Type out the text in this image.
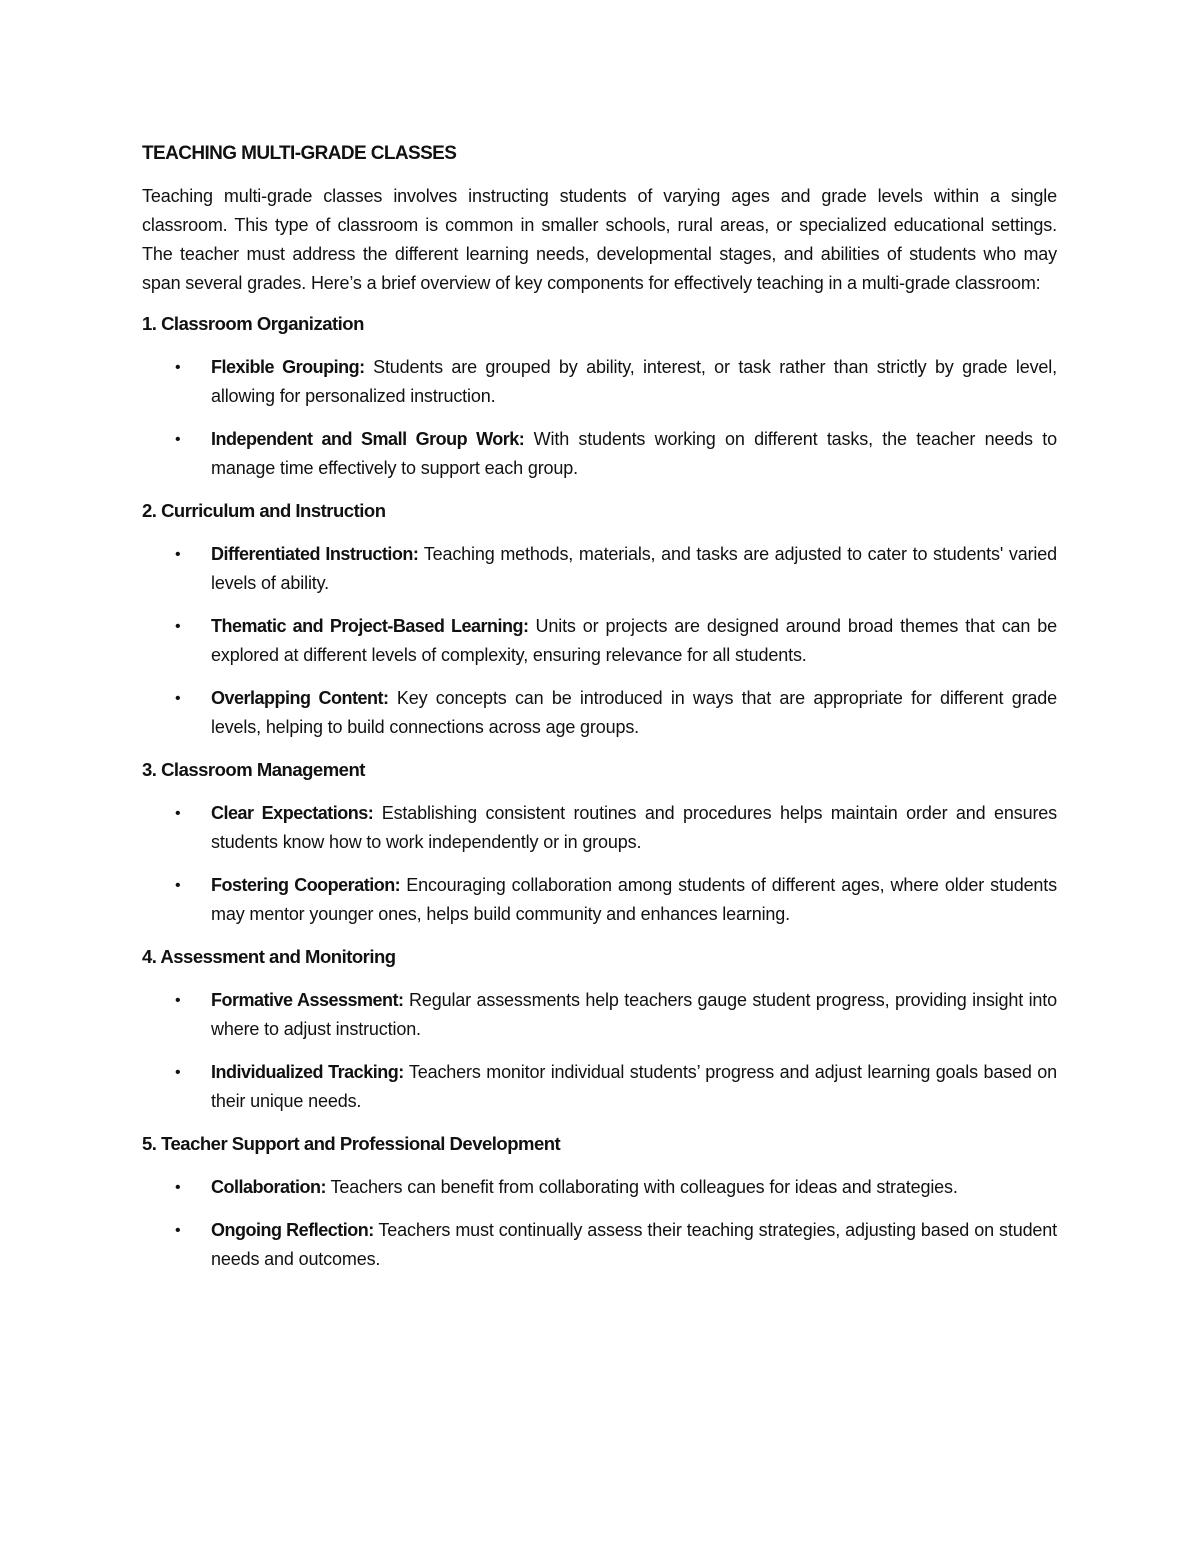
TEACHING MULTI-GRADE CLASSES

Teaching multi-grade classes involves instructing students of varying ages and grade levels within a single classroom. This type of classroom is common in smaller schools, rural areas, or specialized educational settings. The teacher must address the different learning needs, developmental stages, and abilities of students who may span several grades. Here’s a brief overview of key components for effectively teaching in a multi-grade classroom:

1. Classroom Organization
• Flexible Grouping: Students are grouped by ability, interest, or task rather than strictly by grade level, allowing for personalized instruction.
• Independent and Small Group Work: With students working on different tasks, the teacher needs to manage time effectively to support each group.
2. Curriculum and Instruction
• Differentiated Instruction: Teaching methods, materials, and tasks are adjusted to cater to students' varied levels of ability.
• Thematic and Project-Based Learning: Units or projects are designed around broad themes that can be explored at different levels of complexity, ensuring relevance for all students.
• Overlapping Content: Key concepts can be introduced in ways that are appropriate for different grade levels, helping to build connections across age groups.
3. Classroom Management
• Clear Expectations: Establishing consistent routines and procedures helps maintain order and ensures students know how to work independently or in groups.
• Fostering Cooperation: Encouraging collaboration among students of different ages, where older students may mentor younger ones, helps build community and enhances learning.
4. Assessment and Monitoring
• Formative Assessment: Regular assessments help teachers gauge student progress, providing insight into where to adjust instruction.
• Individualized Tracking: Teachers monitor individual students’ progress and adjust learning goals based on their unique needs.
5. Teacher Support and Professional Development
• Collaboration: Teachers can benefit from collaborating with colleagues for ideas and strategies.
• Ongoing Reflection: Teachers must continually assess their teaching strategies, adjusting based on student needs and outcomes.
